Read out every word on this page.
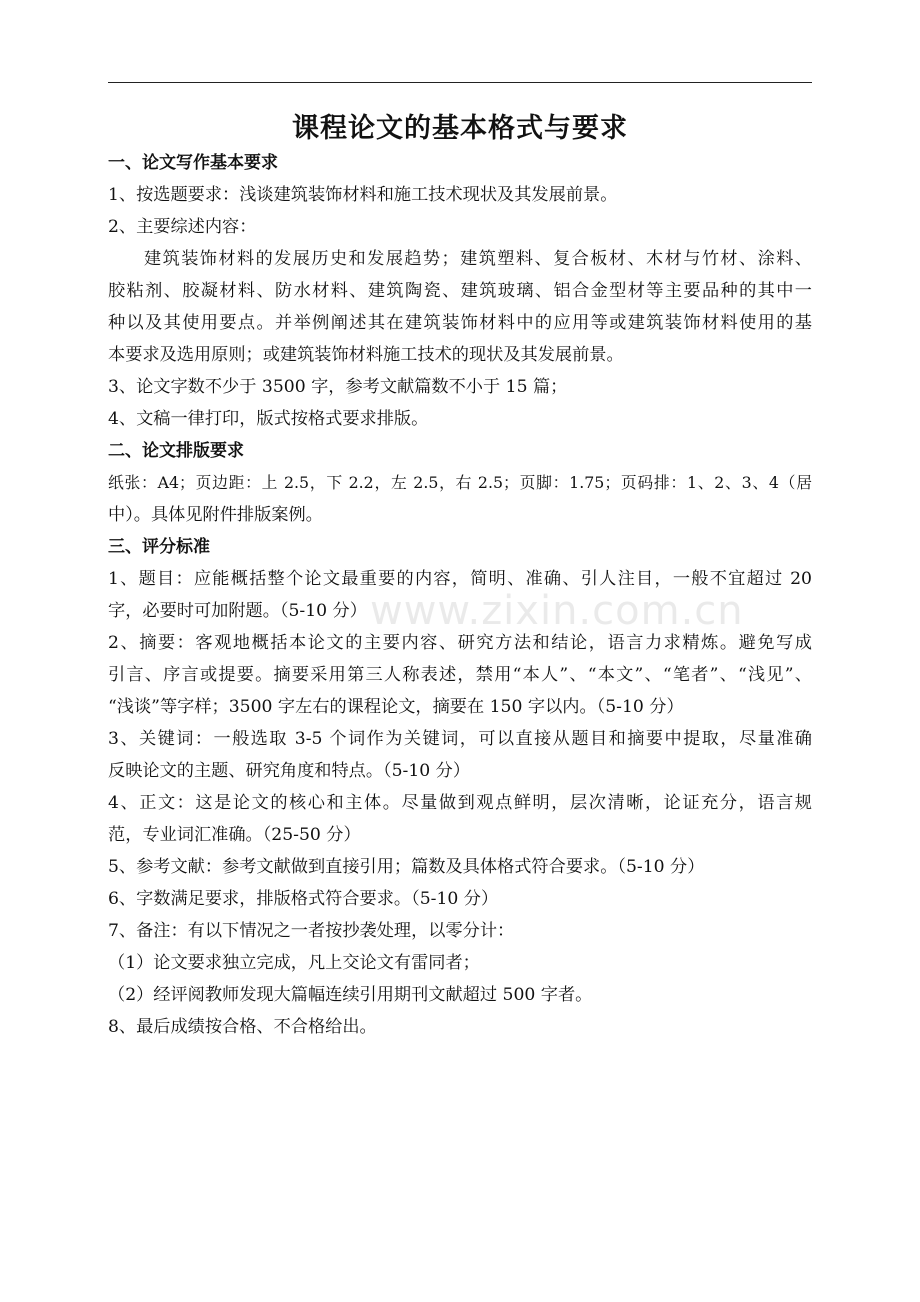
课程论文的基本格式与要求
一、论文写作基本要求
1、按选题要求：浅谈建筑装饰材料和施工技术现状及其发展前景。
2、主要综述内容：
建筑装饰材料的发展历史和发展趋势；建筑塑料、复合板材、木材与竹材、涂料、
胶粘剂、胶凝材料、防水材料、建筑陶瓷、建筑玻璃、铝合金型材等主要品种的其中一
种以及其使用要点。并举例阐述其在建筑装饰材料中的应用等或建筑装饰材料使用的基
本要求及选用原则；或建筑装饰材料施工技术的现状及其发展前景。
3、论文字数不少于 3500 字，参考文献篇数不小于 15 篇；
4、文稿一律打印，版式按格式要求排版。
二、论文排版要求
纸张：A4；页边距：上 2.5，下 2.2，左 2.5，右 2.5；页脚：1.75；页码排：1、2、3、4（居
中）。具体见附件排版案例。
三、评分标准
1、题目：应能概括整个论文最重要的内容，简明、准确、引人注目，一般不宜超过 20
字，必要时可加附题。（5-10 分）
2、摘要：客观地概括本论文的主要内容、研究方法和结论，语言力求精炼。避免写成
引言、序言或提要。摘要采用第三人称表述，禁用“本人”、“本文”、“笔者”、“浅见”、
“浅谈”等字样；3500 字左右的课程论文，摘要在 150 字以内。（5-10 分）
3、关键词：一般选取 3-5 个词作为关键词，可以直接从题目和摘要中提取，尽量准确
反映论文的主题、研究角度和特点。（5-10 分）
4、正文：这是论文的核心和主体。尽量做到观点鲜明，层次清晰，论证充分，语言规
范，专业词汇准确。（25-50 分）
5、参考文献：参考文献做到直接引用；篇数及具体格式符合要求。（5-10 分）
6、字数满足要求，排版格式符合要求。（5-10 分）
7、备注：有以下情况之一者按抄袭处理，以零分计：
（1）论文要求独立完成，凡上交论文有雷同者；
（2）经评阅教师发现大篇幅连续引用期刊文献超过 500 字者。
8、最后成绩按合格、不合格给出。
www.zixin.com.cn
